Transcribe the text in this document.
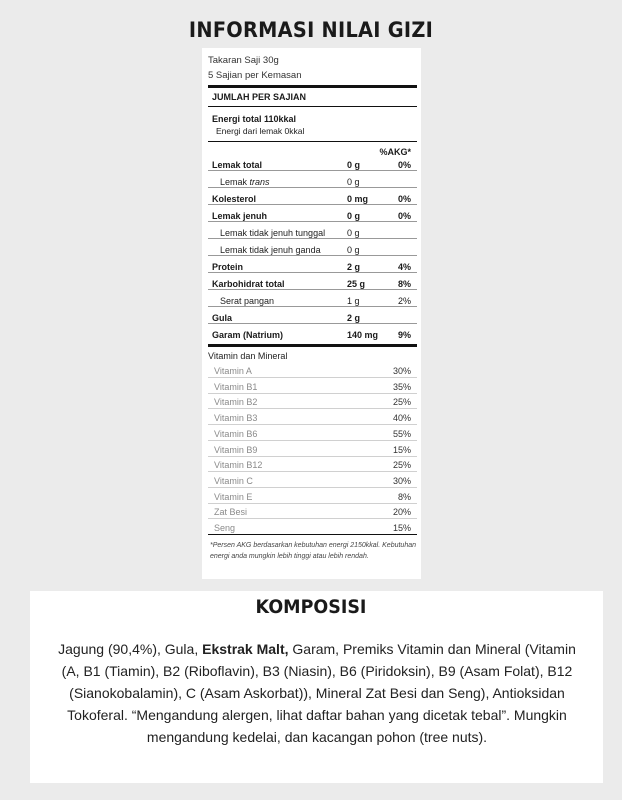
INFORMASI NILAI GIZI
Takaran Saji 30g
5 Sajian per Kemasan
JUMLAH PER SAJIAN
Energi total 110kkal
Energi dari lemak 0kkal
%AKG*
Lemak total	0 g	0%
Lemak trans	0 g
Kolesterol	0 mg	0%
Lemak jenuh	0 g	0%
Lemak tidak jenuh tunggal 0 g
Lemak tidak jenuh ganda	0 g
Protein	2 g	4%
Karbohidrat total	25 g	8%
Serat pangan	1 g	2%
Gula	2 g
Garam (Natrium)	140 mg 9%
Vitamin dan Mineral
Vitamin A	30%
Vitamin B1	35%
Vitamin B2	25%
Vitamin B3	40%
Vitamin B6	55%
Vitamin B9	15%
Vitamin B12	25%
Vitamin C	30%
Vitamin E	8%
Zat Besi	20%
Seng	15%
*Persen AKG berdasarkan kebutuhan energi 2150kkal. Kebutuhan energi anda mungkin lebih tinggi atau lebih rendah.
KOMPOSISI
Jagung (90,4%), Gula, Ekstrak Malt, Garam, Premiks Vitamin dan Mineral (Vitamin (A, B1 (Tiamin), B2 (Riboflavin), B3 (Niasin), B6 (Piridoksin), B9 (Asam Folat), B12 (Sianokobalamin), C (Asam Askorbat)), Mineral Zat Besi dan Seng), Antioksidan Tokoferal. “Mengandung alergen, lihat daftar bahan yang dicetak tebal”. Mungkin mengandung kedelai, dan kacangan pohon (tree nuts).
